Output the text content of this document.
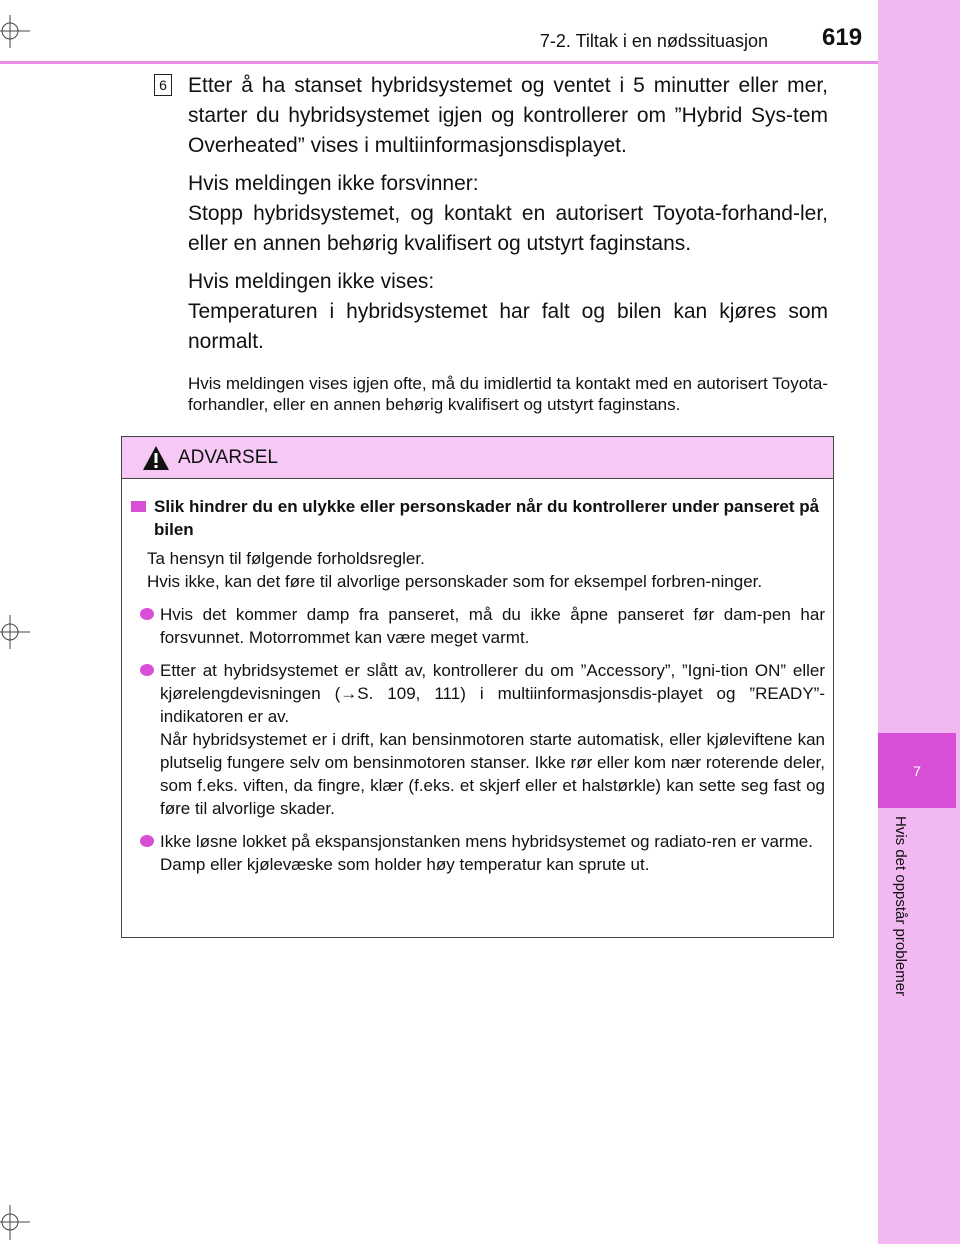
7
Hvis det oppstår problemer
7-2. Tiltak i en nødssituasjon 619
6 Etter å ha stanset hybridsystemet og ventet i 5 minutter eller mer, starter du hybridsystemet igjen og kontrollerer om ”Hybrid Sys-tem Overheated” vises i multiinformasjonsdisplayet.

Hvis meldingen ikke forsvinner:

Stopp hybridsystemet, og kontakt en autorisert Toyota-forhand-ler, eller en annen behørig kvalifisert og utstyrt faginstans.

Hvis meldingen ikke vises:

Temperaturen i hybridsystemet har falt og bilen kan kjøres som normalt.

Hvis meldingen vises igjen ofte, må du imidlertid ta kontakt med en autorisert Toyota-forhandler, eller en annen behørig kvalifisert og utstyrt faginstans.

ADVARSEL
Slik hindrer du en ulykke eller personskader når du kontrollerer under panseret på bilen
Ta hensyn til følgende forholdsregler.
Hvis ikke, kan det føre til alvorlige personskader som for eksempel forbren-ninger.
Hvis det kommer damp fra panseret, må du ikke åpne panseret før dam-pen har forsvunnet. Motorrommet kan være meget varmt.
Etter at hybridsystemet er slått av, kontrollerer du om ”Accessory”, ”Igni-tion ON” eller kjørelengdevisningen (→S. 109, 111) i multiinformasjonsdis-playet og ”READY”-indikatoren er av.
Når hybridsystemet er i drift, kan bensinmotoren starte automatisk, eller kjøleviftene kan plutselig fungere selv om bensinmotoren stanser. Ikke rør eller kom nær roterende deler, som f.eks. viften, da fingre, klær (f.eks. et skjerf eller et halstørkle) kan sette seg fast og føre til alvorlige skader.
Ikke løsne lokket på ekspansjonstanken mens hybridsystemet og radiato-ren er varme.
Damp eller kjølevæske som holder høy temperatur kan sprute ut.
